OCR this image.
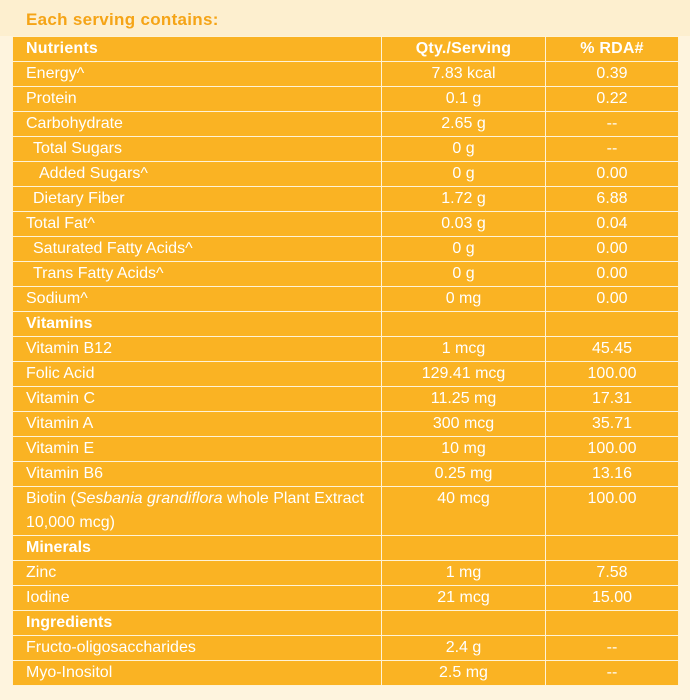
Each serving contains:
Nutrients	Qty./Serving	% RDA#
Energy^	7.83 kcal	0.39
Protein	0.1 g	0.22
Carbohydrate	2.65 g	--
Total Sugars	0 g	--
Added Sugars^	0 g	0.00
Dietary Fiber	1.72 g	6.88
Total Fat^	0.03 g	0.04
Saturated Fatty Acids^	0 g	0.00
Trans Fatty Acids^	0 g	0.00
Sodium^	0 mg	0.00
Vitamins		
Vitamin B12	1 mcg	45.45
Folic Acid	129.41 mcg	100.00
Vitamin C	11.25 mg	17.31
Vitamin A	300 mcg	35.71
Vitamin E	10 mg	100.00
Vitamin B6	0.25 mg	13.16
Biotin (Sesbania grandiflora whole Plant Extract 10,000 mcg)	40 mcg	100.00
Minerals		
Zinc	1 mg	7.58
Iodine	21 mcg	15.00
Ingredients		
Fructo-oligosaccharides	2.4 g	--
Myo-Inositol	2.5 mg	--
